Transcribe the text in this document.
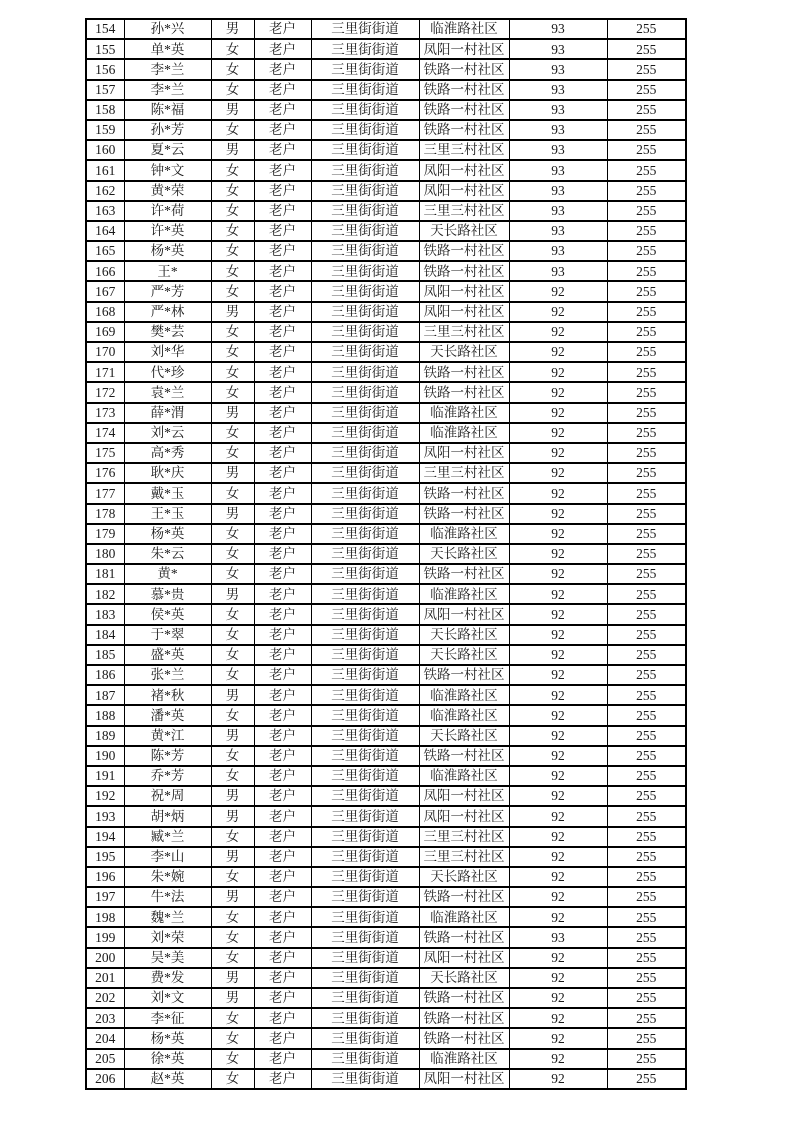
154	孙*兴	男	老户	三里街街道	临淮路社区	93	255
155	单*英	女	老户	三里街街道	凤阳一村社区	93	255
156	李*兰	女	老户	三里街街道	铁路一村社区	93	255
157	李*兰	女	老户	三里街街道	铁路一村社区	93	255
158	陈*福	男	老户	三里街街道	铁路一村社区	93	255
159	孙*芳	女	老户	三里街街道	铁路一村社区	93	255
160	夏*云	男	老户	三里街街道	三里三村社区	93	255
161	钟*文	女	老户	三里街街道	凤阳一村社区	93	255
162	黄*荣	女	老户	三里街街道	凤阳一村社区	93	255
163	许*荷	女	老户	三里街街道	三里三村社区	93	255
164	许*英	女	老户	三里街街道	天长路社区	93	255
165	杨*英	女	老户	三里街街道	铁路一村社区	93	255
166	王*	女	老户	三里街街道	铁路一村社区	93	255
167	严*芳	女	老户	三里街街道	凤阳一村社区	92	255
168	严*林	男	老户	三里街街道	凤阳一村社区	92	255
169	樊*芸	女	老户	三里街街道	三里三村社区	92	255
170	刘*华	女	老户	三里街街道	天长路社区	92	255
171	代*珍	女	老户	三里街街道	铁路一村社区	92	255
172	袁*兰	女	老户	三里街街道	铁路一村社区	92	255
173	薛*渭	男	老户	三里街街道	临淮路社区	92	255
174	刘*云	女	老户	三里街街道	临淮路社区	92	255
175	高*秀	女	老户	三里街街道	凤阳一村社区	92	255
176	耿*庆	男	老户	三里街街道	三里三村社区	92	255
177	戴*玉	女	老户	三里街街道	铁路一村社区	92	255
178	王*玉	男	老户	三里街街道	铁路一村社区	92	255
179	杨*英	女	老户	三里街街道	临淮路社区	92	255
180	朱*云	女	老户	三里街街道	天长路社区	92	255
181	黄*	女	老户	三里街街道	铁路一村社区	92	255
182	慕*贵	男	老户	三里街街道	临淮路社区	92	255
183	侯*英	女	老户	三里街街道	凤阳一村社区	92	255
184	于*翠	女	老户	三里街街道	天长路社区	92	255
185	盛*英	女	老户	三里街街道	天长路社区	92	255
186	张*兰	女	老户	三里街街道	铁路一村社区	92	255
187	褚*秋	男	老户	三里街街道	临淮路社区	92	255
188	潘*英	女	老户	三里街街道	临淮路社区	92	255
189	黄*江	男	老户	三里街街道	天长路社区	92	255
190	陈*芳	女	老户	三里街街道	铁路一村社区	92	255
191	乔*芳	女	老户	三里街街道	临淮路社区	92	255
192	祝*周	男	老户	三里街街道	凤阳一村社区	92	255
193	胡*炳	男	老户	三里街街道	凤阳一村社区	92	255
194	臧*兰	女	老户	三里街街道	三里三村社区	92	255
195	李*山	男	老户	三里街街道	三里三村社区	92	255
196	朱*婉	女	老户	三里街街道	天长路社区	92	255
197	牛*法	男	老户	三里街街道	铁路一村社区	92	255
198	魏*兰	女	老户	三里街街道	临淮路社区	92	255
199	刘*荣	女	老户	三里街街道	铁路一村社区	93	255
200	吴*美	女	老户	三里街街道	凤阳一村社区	92	255
201	费*发	男	老户	三里街街道	天长路社区	92	255
202	刘*文	男	老户	三里街街道	铁路一村社区	92	255
203	李*征	女	老户	三里街街道	铁路一村社区	92	255
204	杨*英	女	老户	三里街街道	铁路一村社区	92	255
205	徐*英	女	老户	三里街街道	临淮路社区	92	255
206	赵*英	女	老户	三里街街道	凤阳一村社区	92	255
